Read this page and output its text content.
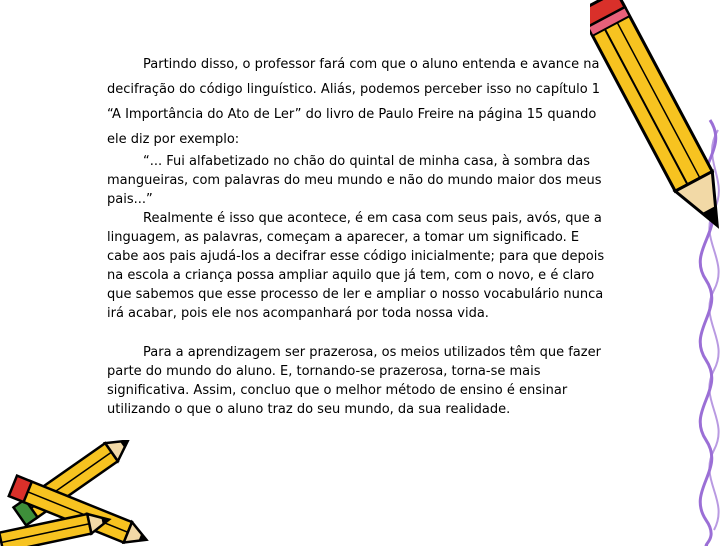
Partindo disso, o professor fará com que o aluno entenda e avance na decifração do código linguístico. Aliás, podemos perceber isso no capítulo 1 “A Importância do Ato de Ler” do livro de Paulo Freire na página 15 quando ele diz por exemplo:

“... Fui alfabetizado no chão do quintal de minha casa, à sombra das mangueiras, com palavras do meu mundo e não do mundo maior dos meus pais...”

Realmente é isso que acontece, é em casa com seus pais, avós, que a linguagem, as palavras, começam a aparecer, a tomar um significado. E cabe aos pais ajudá-los a decifrar esse código inicialmente; para que depois na escola a criança possa ampliar aquilo que já tem, com o novo, e é claro que sabemos que esse processo de ler e ampliar o nosso vocabulário nunca irá acabar, pois ele nos acompanhará por toda nossa vida.

Para a aprendizagem ser prazerosa, os meios utilizados têm que fazer parte do mundo do aluno. E, tornando-se prazerosa, torna-se mais significativa. Assim, concluo que o melhor método de ensino é ensinar utilizando o que o aluno traz do seu mundo, da sua realidade.
